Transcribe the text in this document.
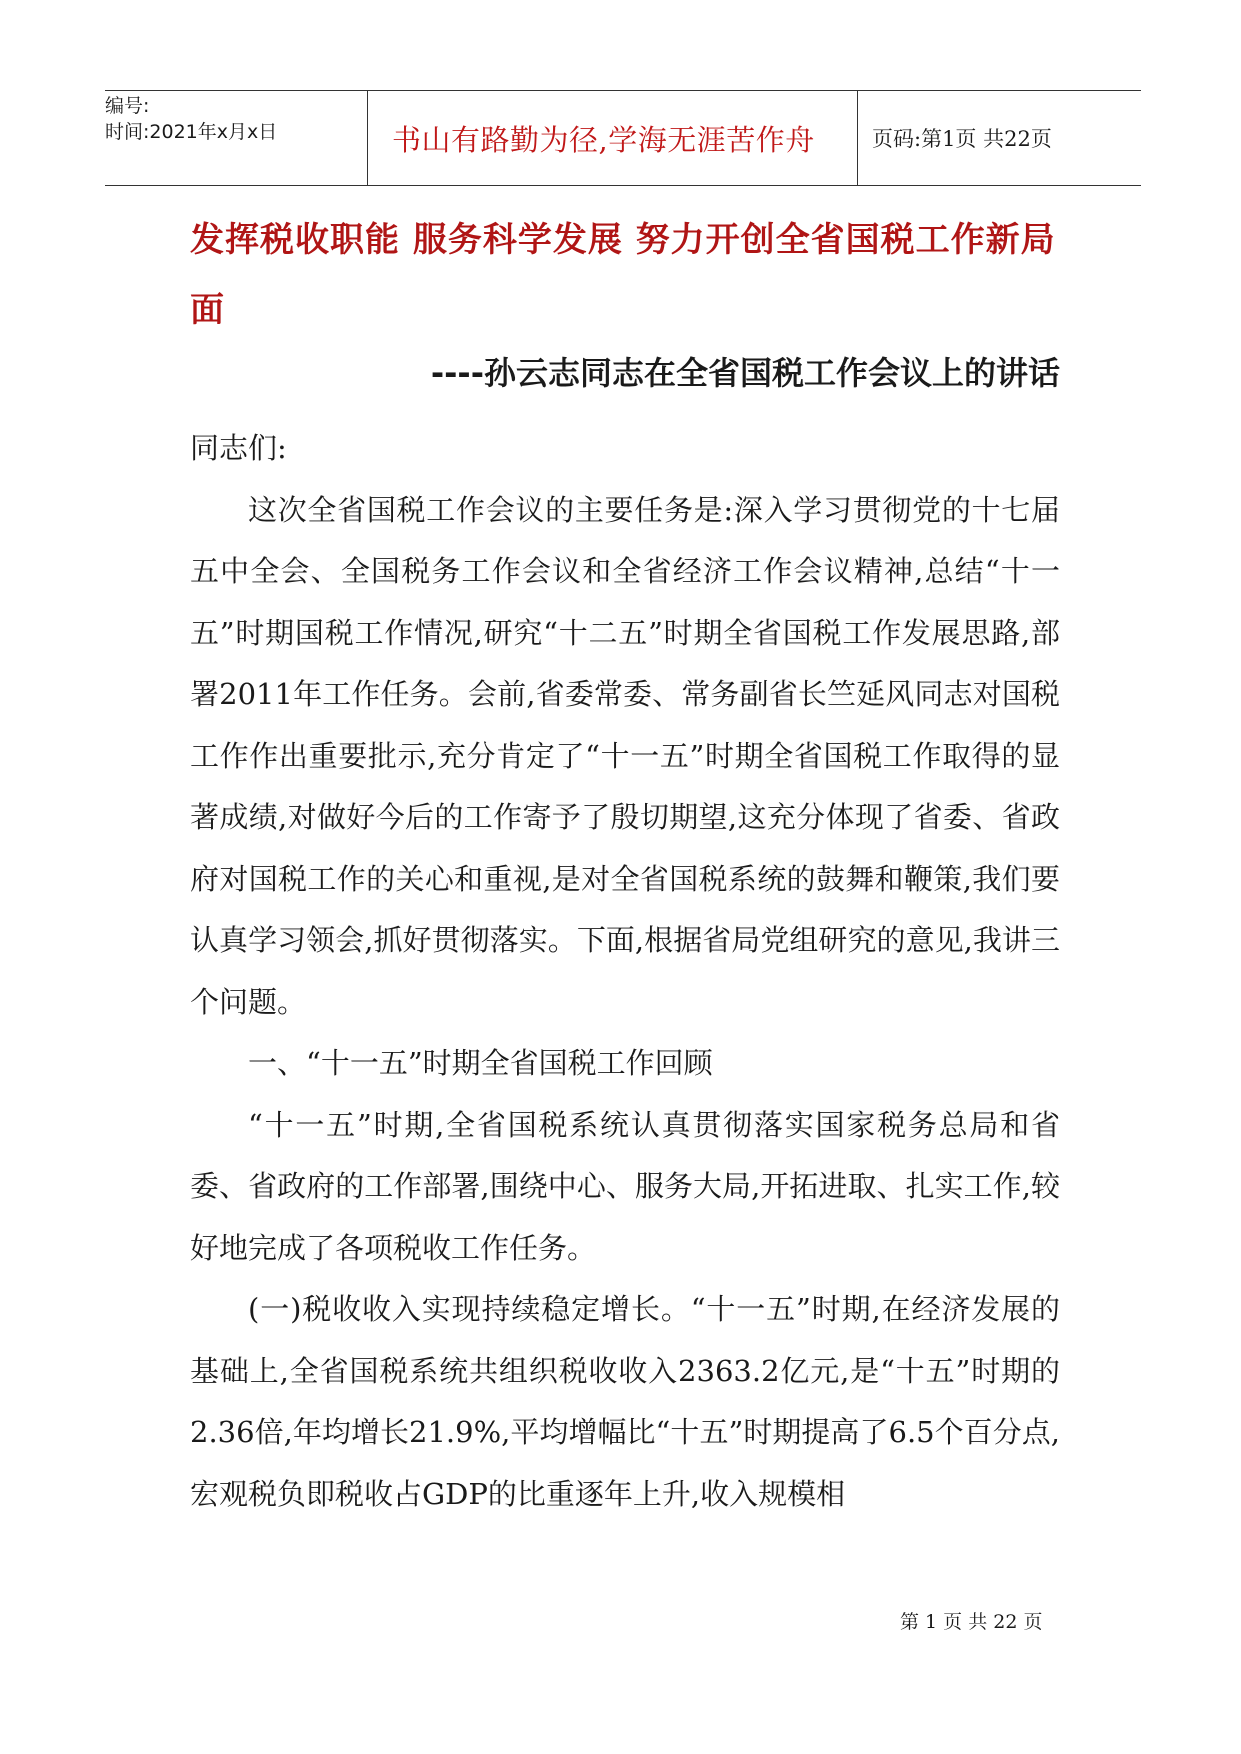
编号:
时间:2021年x月x日	书山有路勤为径,学海无涯苦作舟	页码:第1页 共22页
发挥税收职能 服务科学发展 努力开创全省国税工作新局面
----孙云志同志在全省国税工作会议上的讲话

同志们:

这次全省国税工作会议的主要任务是:深入学习贯彻党的十七届五中全会、全国税务工作会议和全省经济工作会议精神,总结“十一五”时期国税工作情况,研究“十二五”时期全省国税工作发展思路,部署2011年工作任务。会前,省委常委、常务副省长竺延风同志对国税工作作出重要批示,充分肯定了“十一五”时期全省国税工作取得的显著成绩,对做好今后的工作寄予了殷切期望,这充分体现了省委、省政府对国税工作的关心和重视,是对全省国税系统的鼓舞和鞭策,我们要认真学习领会,抓好贯彻落实。下面,根据省局党组研究的意见,我讲三个问题。

一、“十一五”时期全省国税工作回顾

“十一五”时期,全省国税系统认真贯彻落实国家税务总局和省委、省政府的工作部署,围绕中心、服务大局,开拓进取、扎实工作,较好地完成了各项税收工作任务。

(一)税收收入实现持续稳定增长。“十一五”时期,在经济发展的基础上,全省国税系统共组织税收收入2363.2亿元,是“十五”时期的2.36倍,年均增长21.9%,平均增幅比“十五”时期提高了6.5个百分点,宏观税负即税收占GDP的比重逐年上升,收入规模相

第 1 页 共 22 页
